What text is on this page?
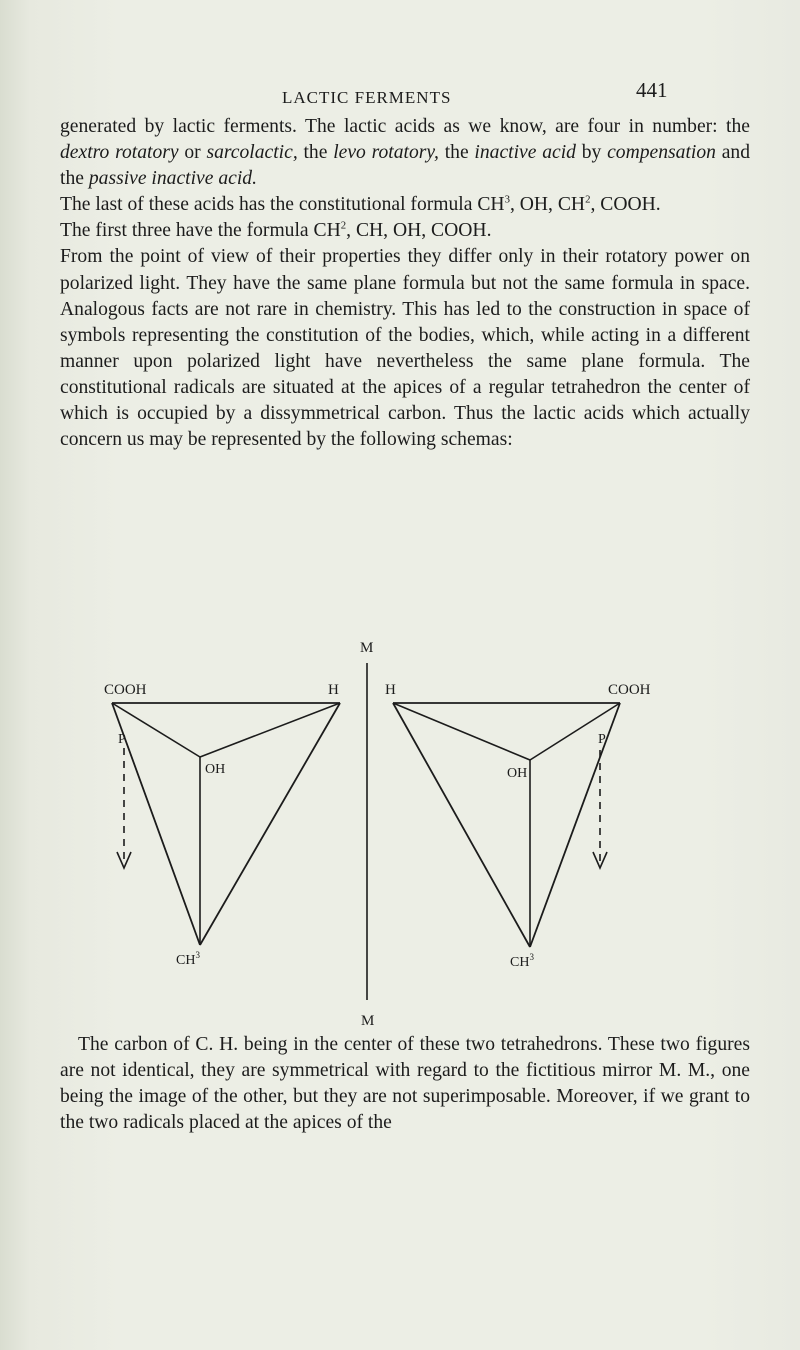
LACTIC FERMENTS	441

generated by lactic ferments. The lactic acids as we know, are four in number: the dextro rotatory or sarcolactic, the levo rotatory, the inactive acid by compensation and the passive inactive acid.

The last of these acids has the constitutional formula $CH^3$, OH, $CH^2$, COOH.

The first three have the formula $CH^2$, CH, OH, COOH.

From the point of view of their properties they differ only in their rotatory power on polarized light. They have the same plane formula but not the same formula in space. Analogous facts are not rare in chemistry. This has led to the construction in space of symbols representing the constitution of the bodies, which, while acting in a different manner upon polarized light have nevertheless the same plane formula. The constitutional radicals are situated at the apices of a regular tetrahedron the center of which is occupied by a dissymmetrical carbon. Thus the lactic acids which actually concern us may be represented by the following schemas:

M
M
COOH	H
P
OH
$CH^3$
H	COOH
P
OH
$CH^3$

The carbon of C. H. being in the center of these two tetrahedrons. These two figures are not identical, they are symmetrical with regard to the fictitious mirror M. M., one being the image of the other, but they are not superimposable. Moreover, if we grant to the two radicals placed at the apices of the
